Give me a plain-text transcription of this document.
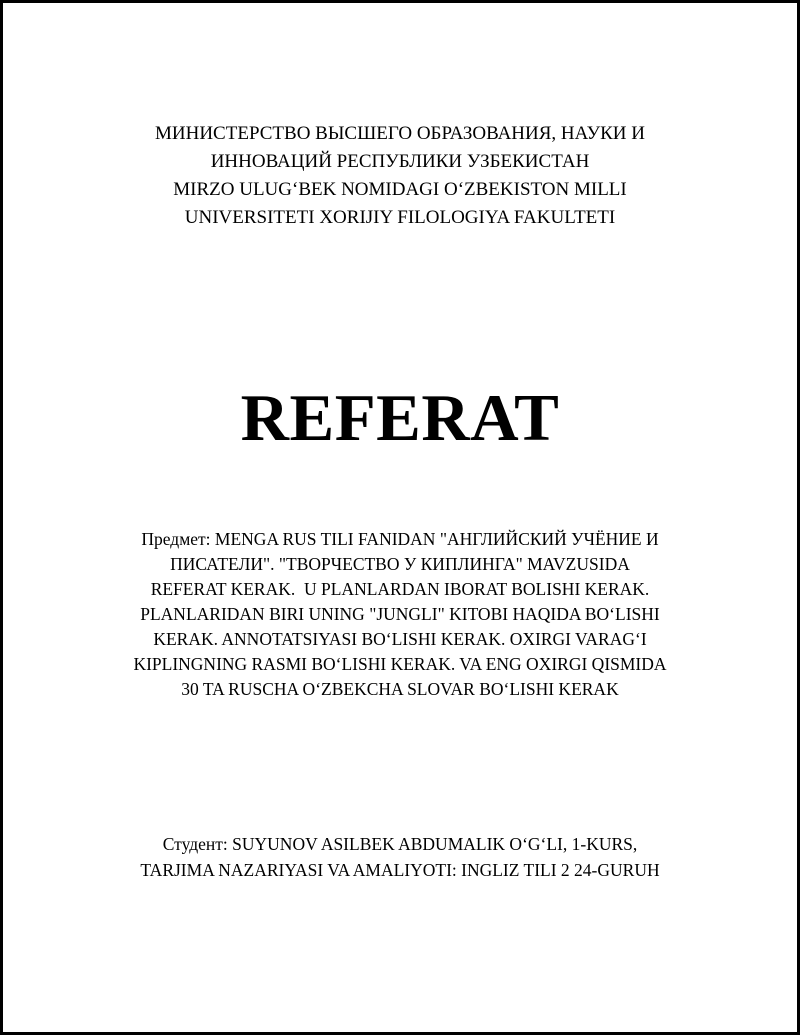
МИНИСТЕРСТВО ВЫСШЕГО ОБРАЗОВАНИЯ, НАУКИ И
ИННОВАЦИЙ РЕСПУБЛИКИ УЗБЕКИСТАН
MIRZO ULUG‘BEK NOMIDAGI O‘ZBEKISTON MILLI
UNIVERSITETI XORIJIY FILOLOGIYA FAKULTETI
REFERAT
Предмет: MENGA RUS TILI FANIDAN "АНГЛИЙСКИЙ УЧЁНИЕ И
ПИСАТЕЛИ". "ТВОРЧЕСТВО У КИПЛИНГА" MAVZUSIDA
REFERAT KERAK.  U PLANLARDAN IBORAT BOLISHI KERAK.
PLANLARIDAN BIRI UNING "JUNGLI" KITOBI HAQIDA BO‘LISHI
KERAK. ANNOTATSIYASI BO‘LISHI KERAK. OXIRGI VARAG‘I
KIPLINGNING RASMI BO‘LISHI KERAK. VA ENG OXIRGI QISMIDA
30 TA RUSCHA O‘ZBEKCHA SLOVAR BO‘LISHI KERAK
Студент: SUYUNOV ASILBEK ABDUMALIK O‘G‘LI, 1-KURS,
TARJIMA NAZARIYASI VA AMALIYOTI: INGLIZ TILI 2 24-GURUH
